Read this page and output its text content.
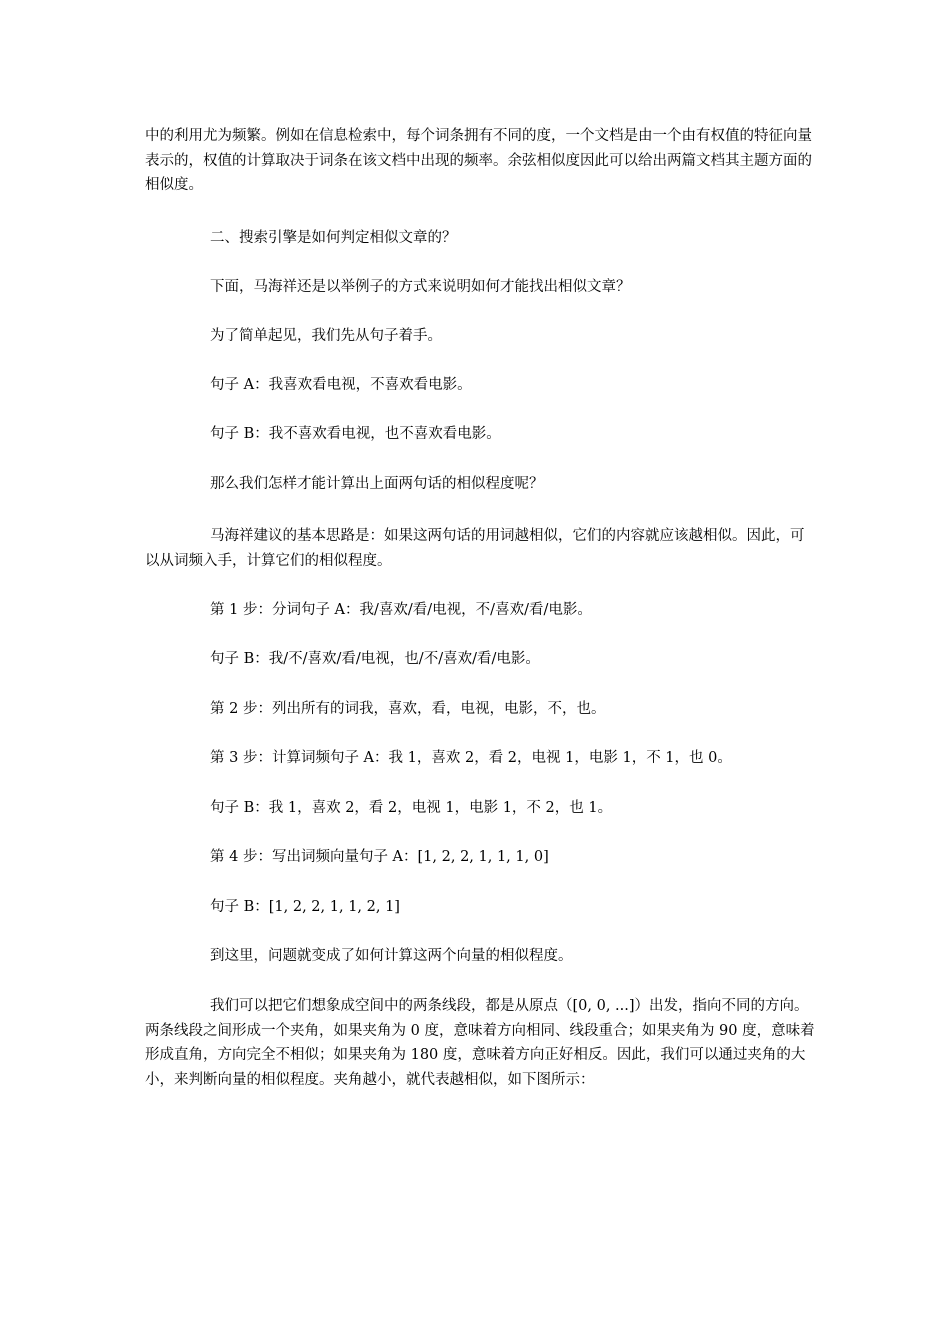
中的利用尤为频繁。例如在信息检索中，每个词条拥有不同的度，一个文档是由一个由有权值的特征向量表示的，权值的计算取决于词条在该文档中出现的频率。余弦相似度因此可以给出两篇文档其主题方面的相似度。

二、搜索引擎是如何判定相似文章的？

下面，马海祥还是以举例子的方式来说明如何才能找出相似文章？

为了简单起见，我们先从句子着手。

句子 A：我喜欢看电视，不喜欢看电影。

句子 B：我不喜欢看电视，也不喜欢看电影。

那么我们怎样才能计算出上面两句话的相似程度呢？

马海祥建议的基本思路是：如果这两句话的用词越相似，它们的内容就应该越相似。因此，可以从词频入手，计算它们的相似程度。

第 1 步：分词句子 A：我/喜欢/看/电视，不/喜欢/看/电影。

句子 B：我/不/喜欢/看/电视，也/不/喜欢/看/电影。

第 2 步：列出所有的词我，喜欢，看，电视，电影，不，也。

第 3 步：计算词频句子 A：我 1，喜欢 2，看 2，电视 1，电影 1，不 1，也 0。

句子 B：我 1，喜欢 2，看 2，电视 1，电影 1，不 2，也 1。

第 4 步：写出词频向量句子 A：[1, 2, 2, 1, 1, 1, 0]

句子 B：[1, 2, 2, 1, 1, 2, 1]

到这里，问题就变成了如何计算这两个向量的相似程度。

我们可以把它们想象成空间中的两条线段，都是从原点（[0, 0, ...]）出发，指向不同的方向。两条线段之间形成一个夹角，如果夹角为 0 度，意味着方向相同、线段重合；如果夹角为 90 度，意味着形成直角，方向完全不相似；如果夹角为 180 度，意味着方向正好相反。因此，我们可以通过夹角的大小，来判断向量的相似程度。夹角越小，就代表越相似，如下图所示：
